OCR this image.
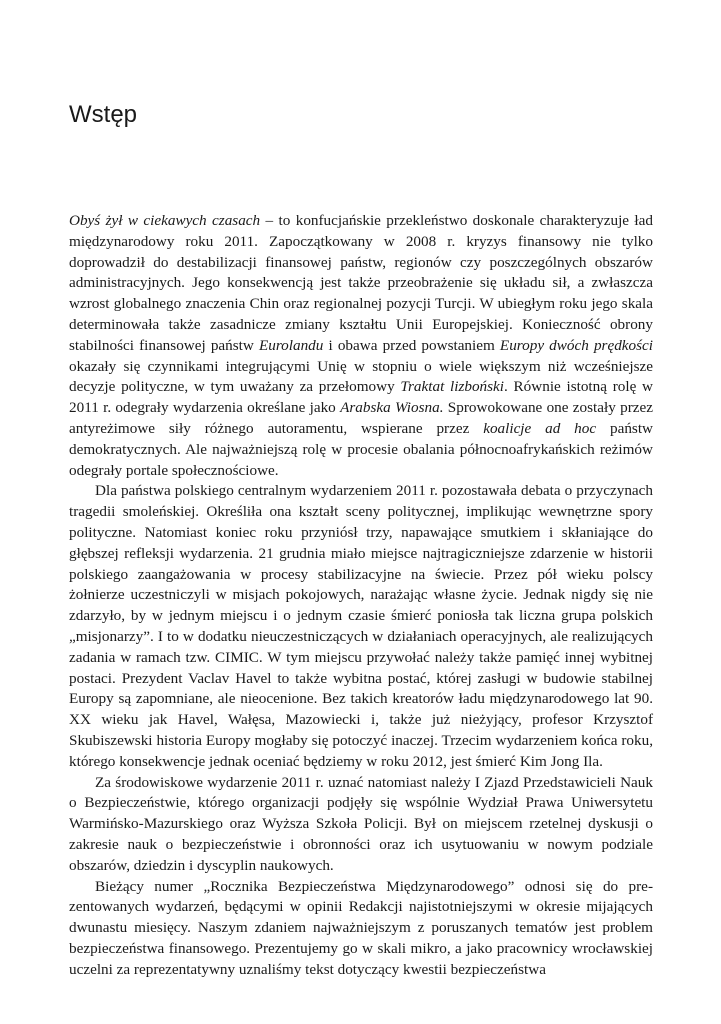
Wstęp

Obyś żył w ciekawych czasach – to konfucjańskie przekleństwo doskonale charakteryzuje ład międzynarodowy roku 2011. Zapoczątkowany w 2008 r. kryzys finansowy nie tylko doprowadził do destabilizacji finansowej państw, regionów czy poszczególnych obszarów administracyjnych. Jego konsekwencją jest także przeobrażenie się układu sił, a zwłaszcza wzrost globalnego znaczenia Chin oraz regionalnej pozycji Turcji. W ubiegłym roku jego skala determinowała także zasadnicze zmiany kształtu Unii Europejskiej. Konieczność obrony stabilności finansowej państw Eurolandu i obawa przed powstaniem Europy dwóch prędkości okazały się czynnikami integrującymi Unię w stopniu o wiele większym niż wcześniejsze decyzje polityczne, w tym uważany za przełomowy Traktat lizboński. Równie istotną rolę w 2011 r. odegrały wydarzenia określane jako Arabska Wiosna. Sprowokowane one zostały przez antyreżimowe siły różnego autoramentu, wspierane przez koalicje ad hoc państw demokratycznych. Ale najważniejszą rolę w procesie obalania północnoafrykańskich reżimów odegrały portale społecznościowe.

Dla państwa polskiego centralnym wydarzeniem 2011 r. pozostawała debata o przyczynach tragedii smoleńskiej. Określiła ona kształt sceny politycznej, implikując wewnętrzne spory polityczne. Natomiast koniec roku przyniósł trzy, napawające smutkiem i skłaniające do głębszej refleksji wydarzenia. 21 grudnia miało miejsce najtragiczniejsze zdarzenie w historii polskiego zaangażowania w procesy stabilizacyjne na świecie. Przez pół wieku polscy żołnierze uczestniczyli w misjach pokojowych, narażając własne życie. Jednak nigdy się nie zdarzyło, by w jednym miejscu i o jednym czasie śmierć poniosła tak liczna grupa polskich „misjonarzy”. I to w dodatku nieuczestniczących w działaniach operacyjnych, ale realizujących zadania w ramach tzw. CIMIC. W tym miejscu przywołać należy także pamięć innej wybitnej postaci. Prezydent Vaclav Havel to także wybitna postać, której zasługi w budowie stabilnej Europy są zapomniane, ale nieocenione. Bez takich kreatorów ładu międzynarodowego lat 90. XX wieku jak Havel, Wałęsa, Mazowiecki i, także już nieżyjący, profesor Krzysztof Skubiszewski historia Europy mogłaby się potoczyć inaczej. Trzecim wydarzeniem końca roku, którego konsekwencje jednak oceniać będziemy w roku 2012, jest śmierć Kim Jong Ila.

Za środowiskowe wydarzenie 2011 r. uznać natomiast należy I Zjazd Przedstawicieli Nauk o Bezpieczeństwie, którego organizacji podjęły się wspólnie Wydział Prawa Uniwersytetu Warmińsko-Mazurskiego oraz Wyższa Szkoła Policji. Był on miejscem rzetelnej dyskusji o zakresie nauk o bezpieczeństwie i obronności oraz ich usytuowaniu w nowym podziale obszarów, dziedzin i dyscyplin naukowych.

Bieżący numer „Rocznika Bezpieczeństwa Międzynarodowego” odnosi się do prezentowanych wydarzeń, będącymi w opinii Redakcji najistotniejszymi w okresie mijających dwunastu miesięcy. Naszym zdaniem najważniejszym z poruszanych tematów jest problem bezpieczeństwa finansowego. Prezentujemy go w skali mikro, a jako pracownicy wrocławskiej uczelni za reprezentatywny uznaliśmy tekst dotyczący kwestii bezpieczeństwa
